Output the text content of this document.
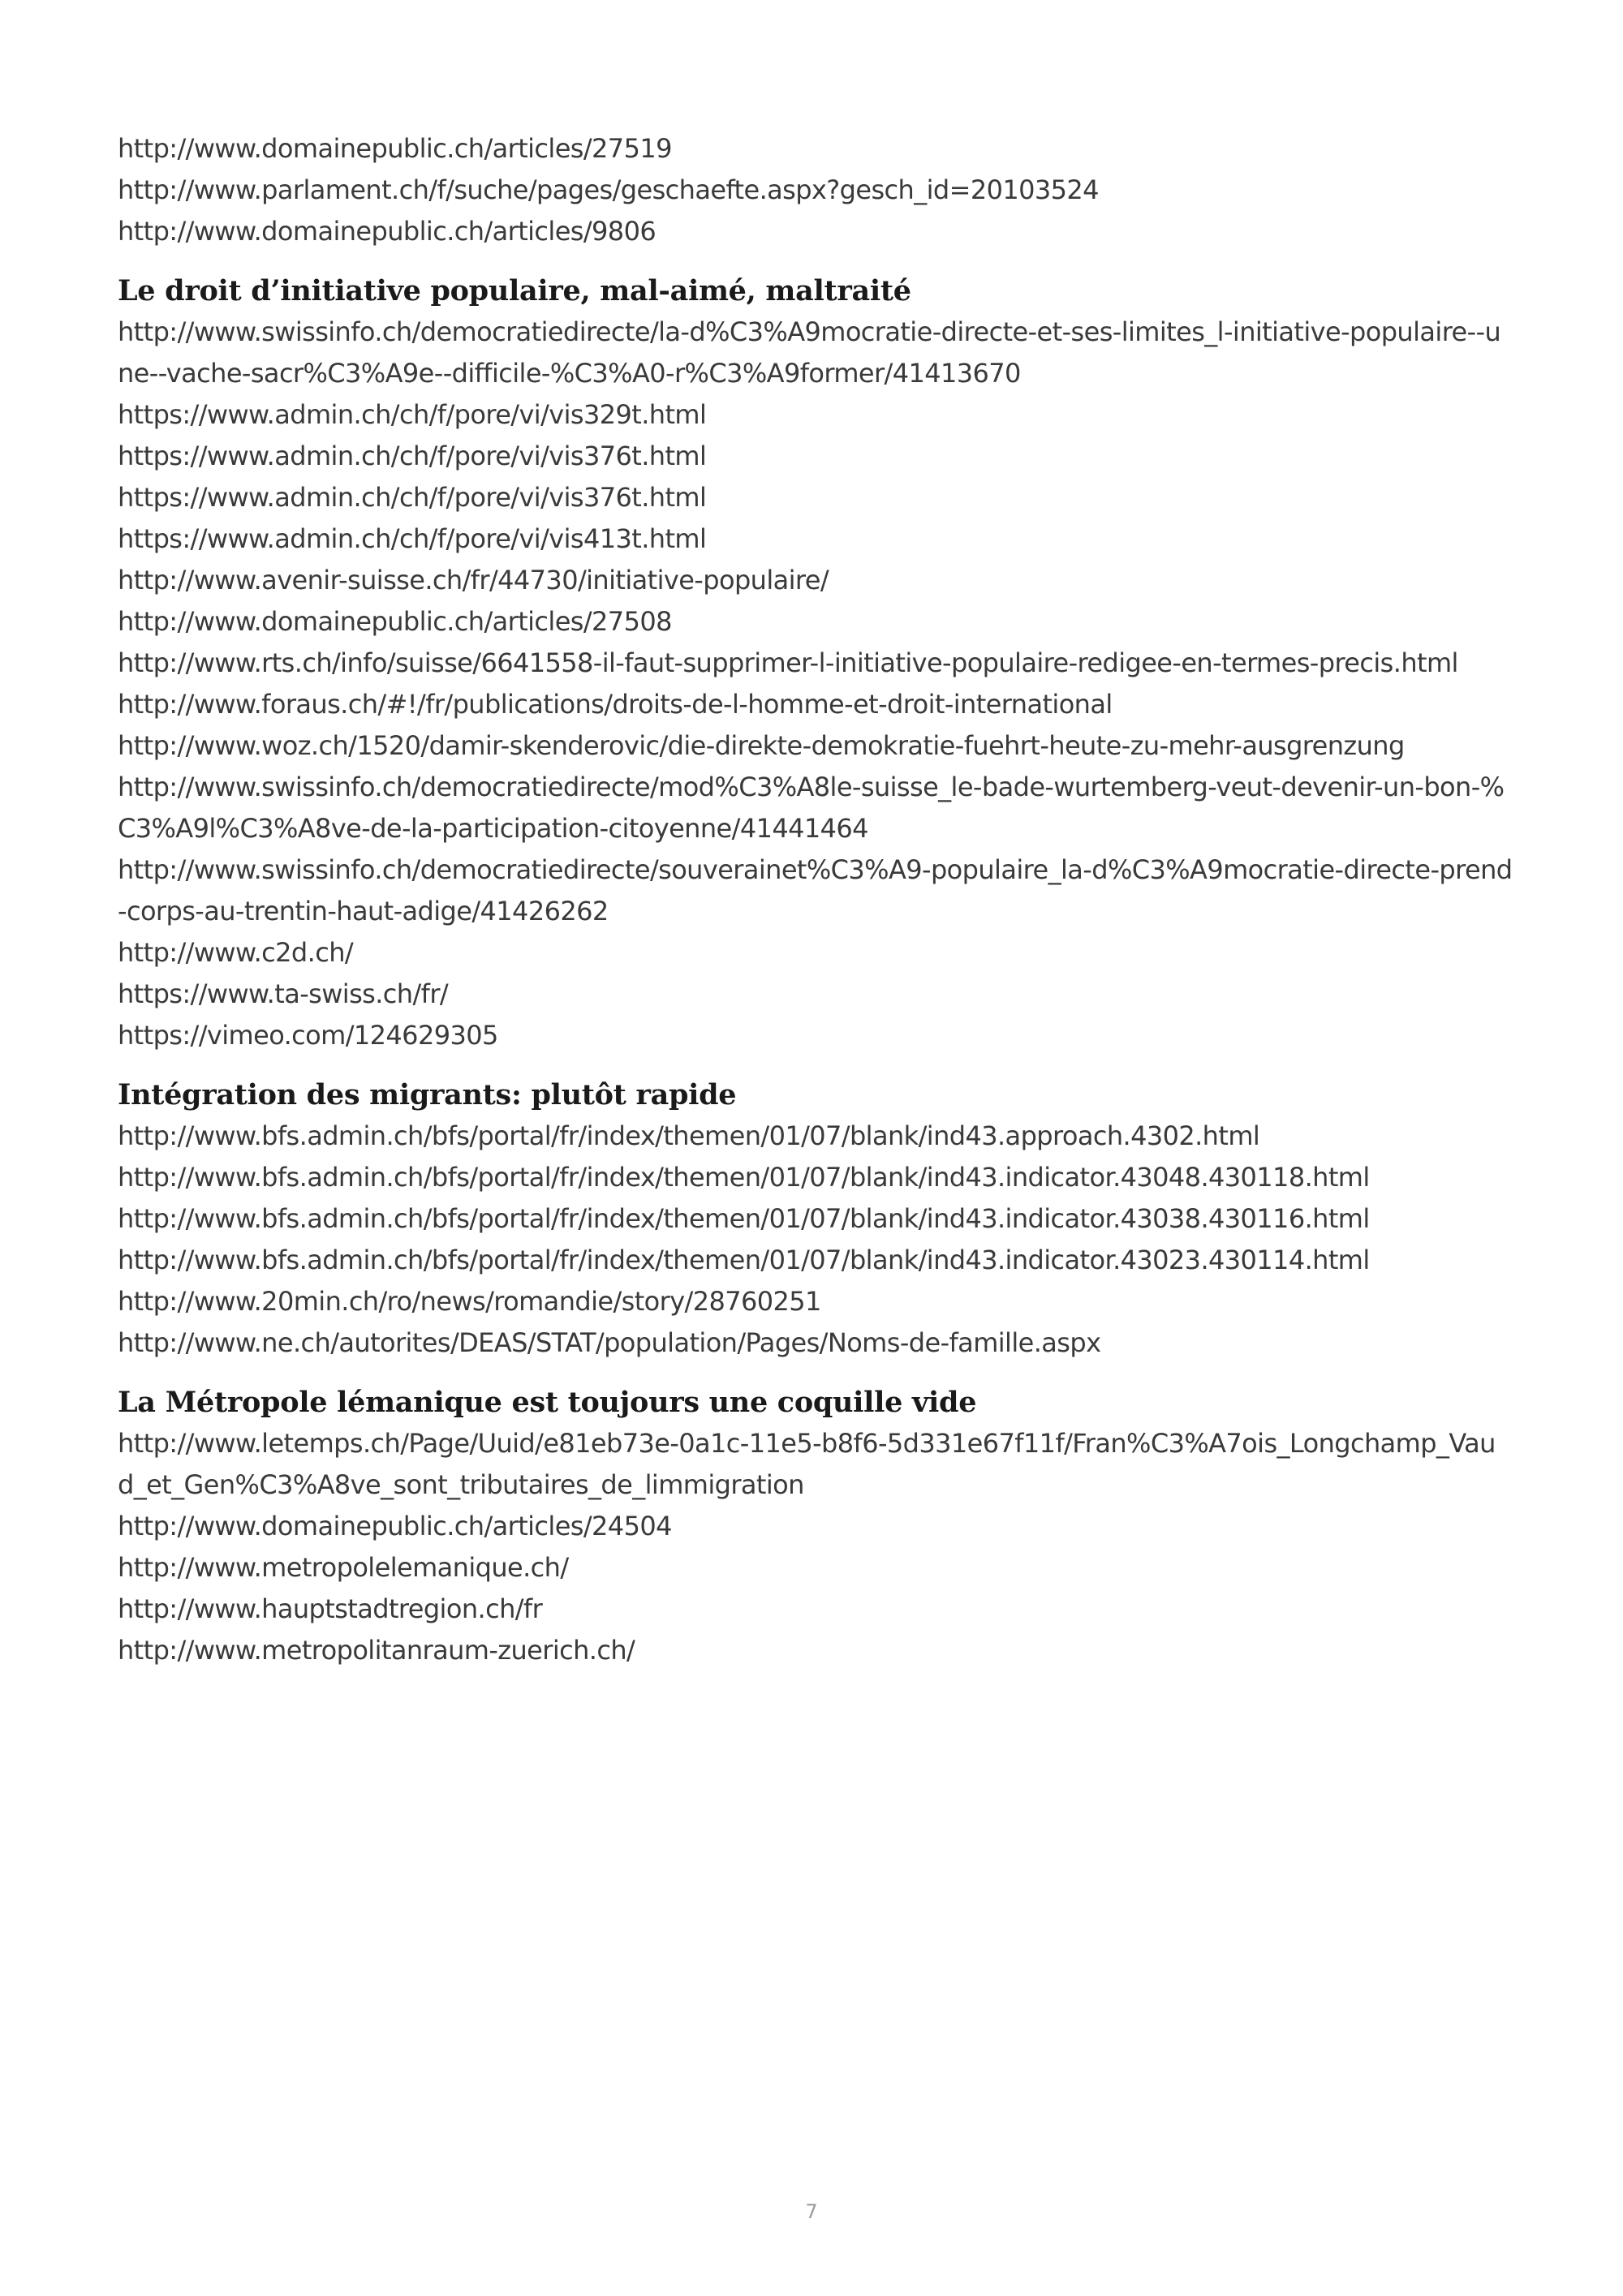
http://www.domainepublic.ch/articles/27519

http://www.parlament.ch/f/suche/pages/geschaefte.aspx?gesch_id=20103524

http://www.domainepublic.ch/articles/9806

Le droit d’initiative populaire, mal-aimé, maltraité

http://www.swissinfo.ch/democratiedirecte/la-d%C3%A9mocratie-directe-et-ses-limites_l-initiative-populaire--une--vache-sacr%C3%A9e--difficile-%C3%A0-r%C3%A9former/41413670

https://www.admin.ch/ch/f/pore/vi/vis329t.html

https://www.admin.ch/ch/f/pore/vi/vis376t.html

https://www.admin.ch/ch/f/pore/vi/vis376t.html

https://www.admin.ch/ch/f/pore/vi/vis413t.html

http://www.avenir-suisse.ch/fr/44730/initiative-populaire/

http://www.domainepublic.ch/articles/27508

http://www.rts.ch/info/suisse/6641558-il-faut-supprimer-l-initiative-populaire-redigee-en-termes-precis.html

http://www.foraus.ch/#!/fr/publications/droits-de-l-homme-et-droit-international

http://www.woz.ch/1520/damir-skenderovic/die-direkte-demokratie-fuehrt-heute-zu-mehr-ausgrenzung

http://www.swissinfo.ch/democratiedirecte/mod%C3%A8le-suisse_le-bade-wurtemberg-veut-devenir-un-bon-%C3%A9l%C3%A8ve-de-la-participation-citoyenne/41441464

http://www.swissinfo.ch/democratiedirecte/souverainet%C3%A9-populaire_la-d%C3%A9mocratie-directe-prend-corps-au-trentin-haut-adige/41426262

http://www.c2d.ch/

https://www.ta-swiss.ch/fr/

https://vimeo.com/124629305

Intégration des migrants: plutôt rapide

http://www.bfs.admin.ch/bfs/portal/fr/index/themen/01/07/blank/ind43.approach.4302.html

http://www.bfs.admin.ch/bfs/portal/fr/index/themen/01/07/blank/ind43.indicator.43048.430118.html

http://www.bfs.admin.ch/bfs/portal/fr/index/themen/01/07/blank/ind43.indicator.43038.430116.html

http://www.bfs.admin.ch/bfs/portal/fr/index/themen/01/07/blank/ind43.indicator.43023.430114.html

http://www.20min.ch/ro/news/romandie/story/28760251

http://www.ne.ch/autorites/DEAS/STAT/population/Pages/Noms-de-famille.aspx

La Métropole lémanique est toujours une coquille vide

http://www.letemps.ch/Page/Uuid/e81eb73e-0a1c-11e5-b8f6-5d331e67f11f/Fran%C3%A7ois_Longchamp_Vaud_et_Gen%C3%A8ve_sont_tributaires_de_limmigration

http://www.domainepublic.ch/articles/24504

http://www.metropolelemanique.ch/

http://www.hauptstadtregion.ch/fr

http://www.metropolitanraum-zuerich.ch/

7
